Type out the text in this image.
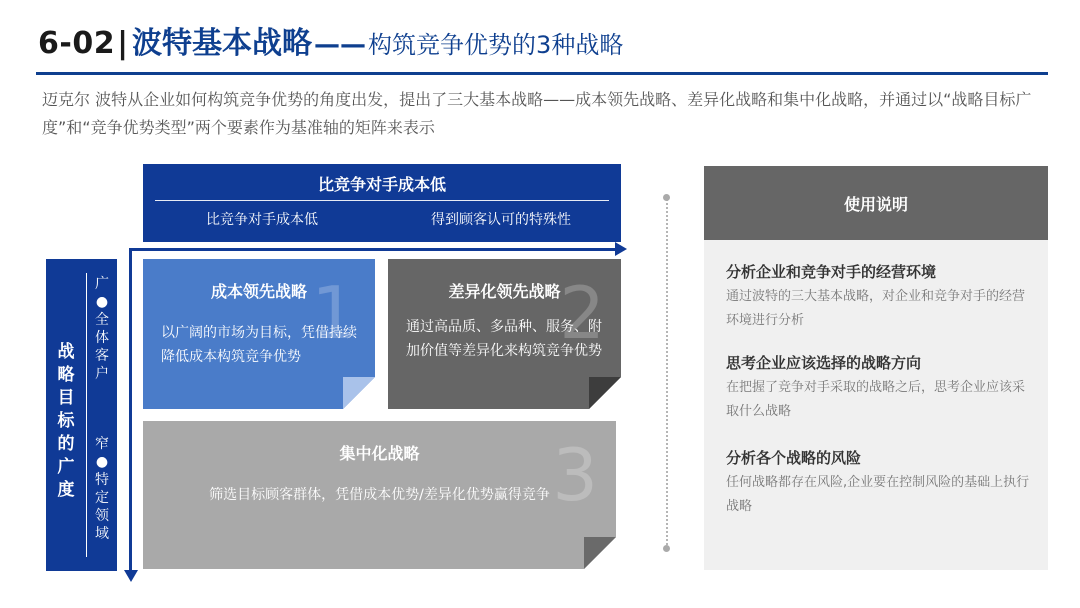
6-02 | 波特基本战略 —— 构筑竞争优势的3种战略
迈克尔 波特从企业如何构筑竞争优势的角度出发，提出了三大基本战略——成本领先战略、差异化战略和集中化战略，并通过以“战略目标广度”和“竞争优势类型”两个要素作为基准轴的矩阵来表示
比竞争对手成本低
比竞争对手成本低	得到顾客认可的特殊性
战略目标的广度
广●全体客户
窄●特定领域
1
成本领先战略
以广阔的市场为目标，凭借持续降低成本构筑竞争优势
2
差异化领先战略
通过高品质、多品种、服务、附加价值等差异化来构筑竞争优势
3
集中化战略
筛选目标顾客群体，凭借成本优势/差异化优势赢得竞争
使用说明
分析企业和竞争对手的经营环境
通过波特的三大基本战略，对企业和竞争对手的经营环境进行分析
思考企业应该选择的战略方向
在把握了竞争对手采取的战略之后，思考企业应该采取什么战略
分析各个战略的风险
任何战略都存在风险,企业要在控制风险的基础上执行战略
